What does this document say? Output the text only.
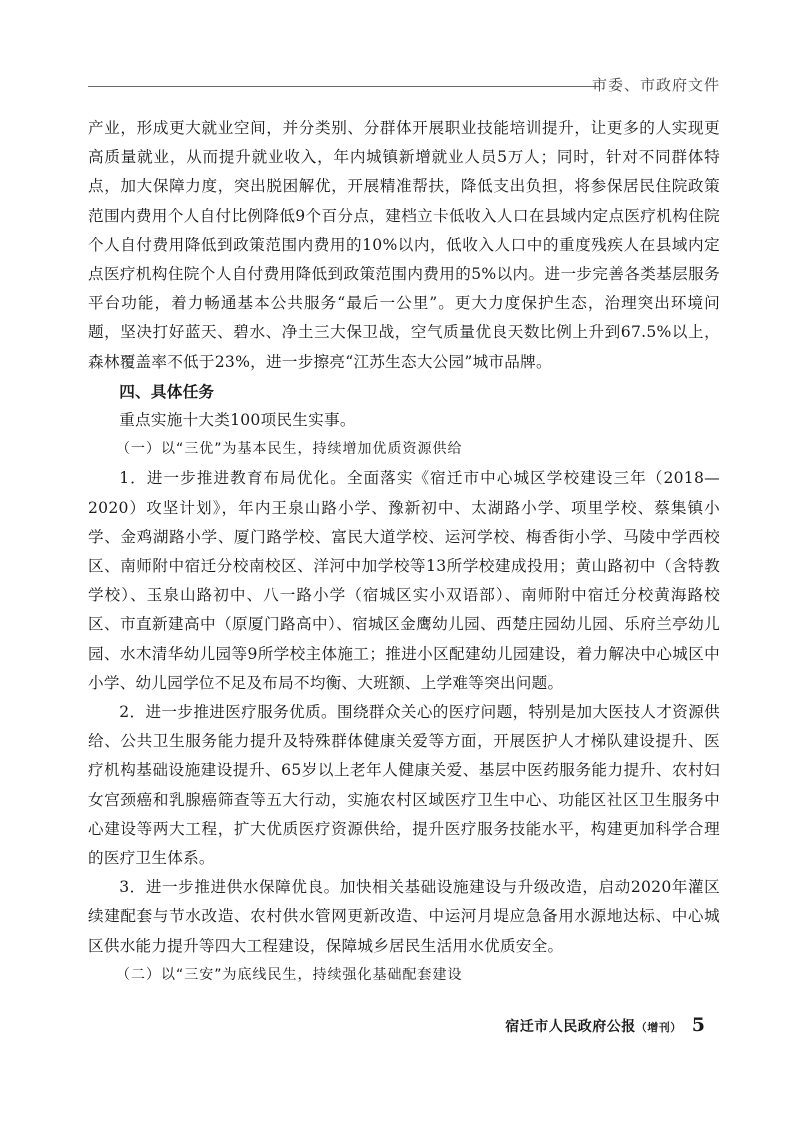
市委、市政府文件

产业，形成更大就业空间，并分类别、分群体开展职业技能培训提升，让更多的人实现更高质量就业，从而提升就业收入，年内城镇新增就业人员5万人；同时，针对不同群体特点，加大保障力度，突出脱困解优，开展精准帮扶，降低支出负担，将参保居民住院政策范围内费用个人自付比例降低9个百分点，建档立卡低收入人口在县域内定点医疗机构住院个人自付费用降低到政策范围内费用的10%以内，低收入人口中的重度残疾人在县域内定点医疗机构住院个人自付费用降低到政策范围内费用的5%以内。进一步完善各类基层服务平台功能，着力畅通基本公共服务“最后一公里”。更大力度保护生态，治理突出环境问题，坚决打好蓝天、碧水、净土三大保卫战，空气质量优良天数比例上升到67.5%以上，森林覆盖率不低于23%，进一步擦亮“江苏生态大公园”城市品牌。

四、具体任务

重点实施十大类100项民生实事。

（一）以“三优”为基本民生，持续增加优质资源供给

1．进一步推进教育布局优化。全面落实《宿迁市中心城区学校建设三年（2018—2020）攻坚计划》，年内王泉山路小学、豫新初中、太湖路小学、项里学校、蔡集镇小学、金鸡湖路小学、厦门路学校、富民大道学校、运河学校、梅香街小学、马陵中学西校区、南师附中宿迁分校南校区、洋河中加学校等13所学校建成投用；黄山路初中（含特教学校）、玉泉山路初中、八一路小学（宿城区实小双语部）、南师附中宿迁分校黄海路校区、市直新建高中（原厦门路高中）、宿城区金鹰幼儿园、西楚庄园幼儿园、乐府兰亭幼儿园、水木清华幼儿园等9所学校主体施工；推进小区配建幼儿园建设，着力解决中心城区中小学、幼儿园学位不足及布局不均衡、大班额、上学难等突出问题。

2．进一步推进医疗服务优质。围绕群众关心的医疗问题，特别是加大医技人才资源供给、公共卫生服务能力提升及特殊群体健康关爱等方面，开展医护人才梯队建设提升、医疗机构基础设施建设提升、65岁以上老年人健康关爱、基层中医药服务能力提升、农村妇女宫颈癌和乳腺癌筛查等五大行动，实施农村区域医疗卫生中心、功能区社区卫生服务中心建设等两大工程，扩大优质医疗资源供给，提升医疗服务技能水平，构建更加科学合理的医疗卫生体系。

3．进一步推进供水保障优良。加快相关基础设施建设与升级改造，启动2020年灌区续建配套与节水改造、农村供水管网更新改造、中运河月堤应急备用水源地达标、中心城区供水能力提升等四大工程建设，保障城乡居民生活用水优质安全。

（二）以“三安”为底线民生，持续强化基础配套建设

宿迁市人民政府公报（增刊） 5
